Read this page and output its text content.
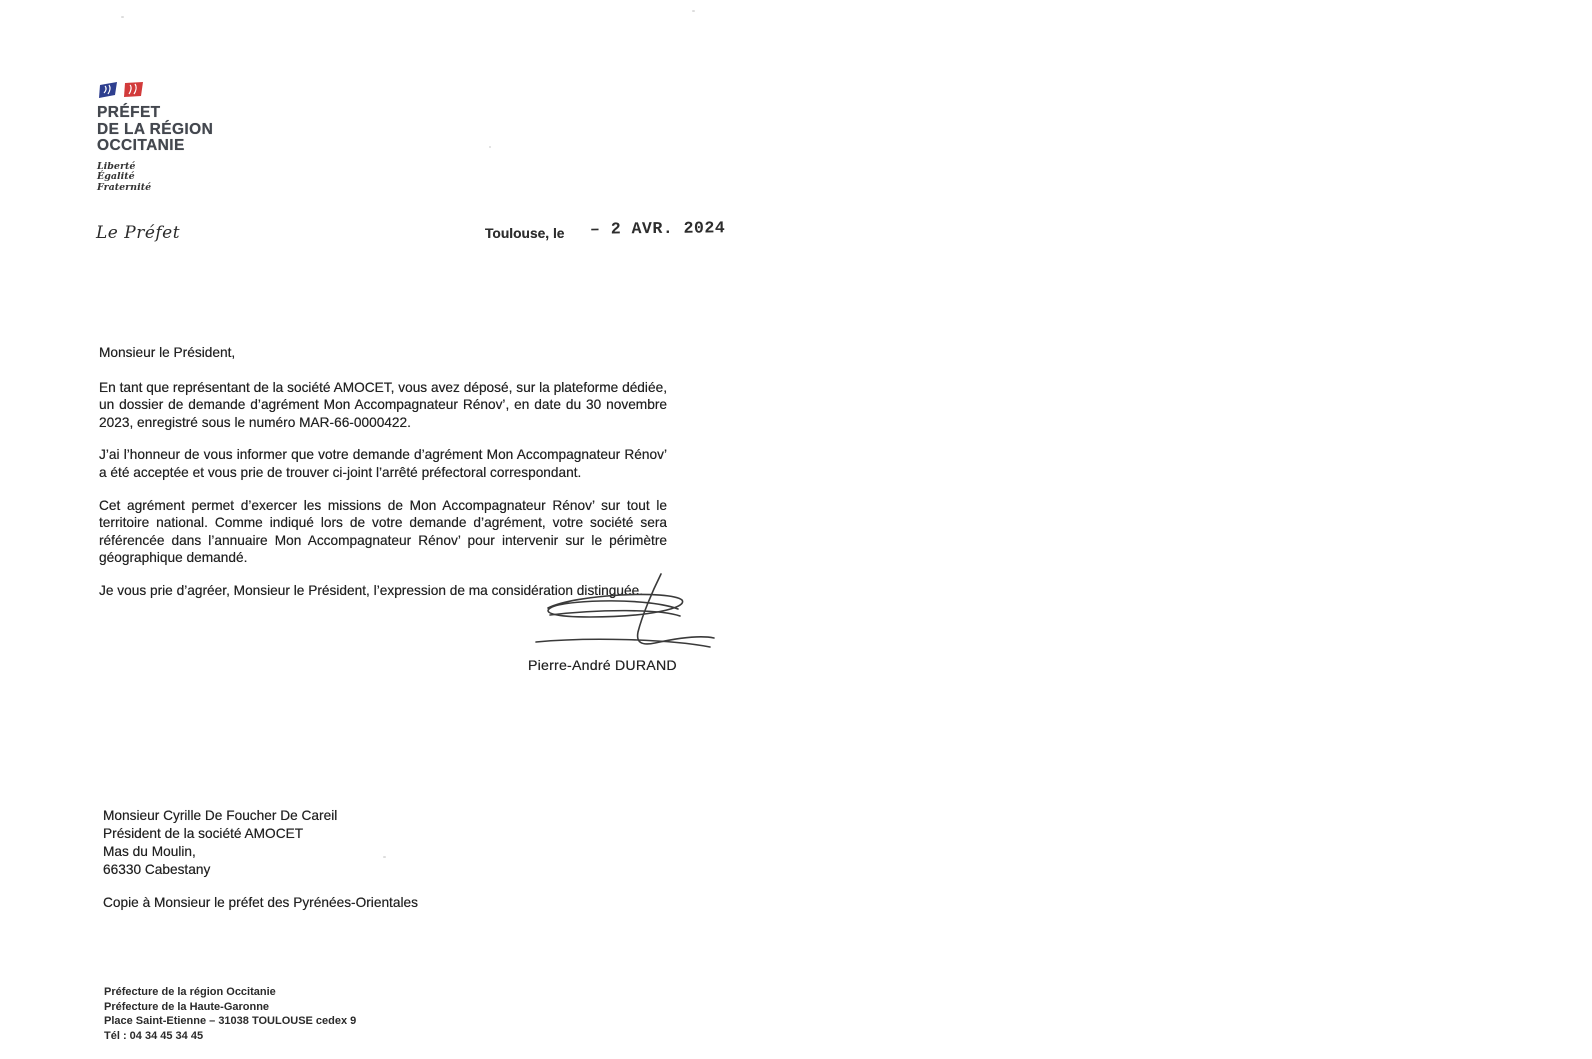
PRÉFET
DE LA RÉGION
OCCITANIE
Liberté
Égalité
Fraternité
Le Préfet	Toulouse, le – 2 AVR. 2024

Monsieur le Président,

En tant que représentant de la société AMOCET, vous avez déposé, sur la plateforme dédiée, un dossier de demande d’agrément Mon Accompagnateur Rénov’, en date du 30 novembre 2023, enregistré sous le numéro MAR-66-0000422.

J’ai l’honneur de vous informer que votre demande d’agrément Mon Accompagnateur Rénov’ a été acceptée et vous prie de trouver ci-joint l’arrêté préfectoral correspondant.

Cet agrément permet d’exercer les missions de Mon Accompagnateur Rénov’ sur tout le territoire national. Comme indiqué lors de votre demande d’agrément, votre société sera référencée dans l’annuaire Mon Accompagnateur Rénov’ pour intervenir sur le périmètre géographique demandé.

Je vous prie d’agréer, Monsieur le Président, l’expression de ma considération distinguée.

Pierre-André DURAND
Monsieur Cyrille De Foucher De Careil
Président de la société AMOCET
Mas du Moulin,
66330 Cabestany
Copie à Monsieur le préfet des Pyrénées-Orientales
Préfecture de la région Occitanie
Préfecture de la Haute-Garonne
Place Saint-Etienne – 31038 TOULOUSE cedex 9
Tél : 04 34 45 34 45
